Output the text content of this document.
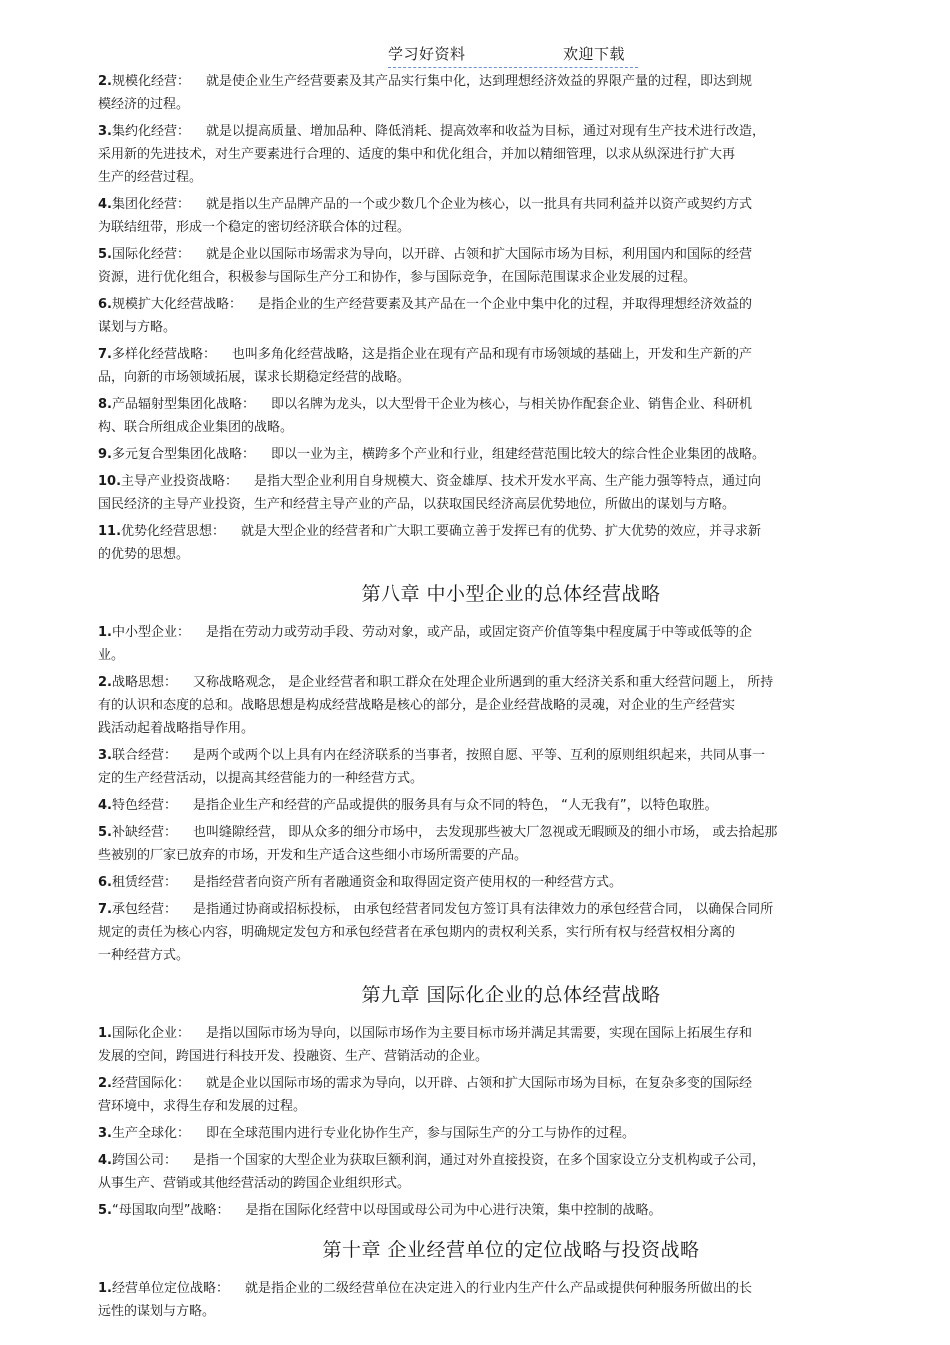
学习好资料	欢迎下载
2.规模化经营： 就是使企业生产经营要素及其产品实行集中化，达到理想经济效益的界限产量的过程，即达到规
模经济的过程。
3.集约化经营： 就是以提高质量、增加品种、降低消耗、提高效率和收益为目标，通过对现有生产技术进行改造，
采用新的先进技术，对生产要素进行合理的、适度的集中和优化组合，并加以精细管理，以求从纵深进行扩大再
生产的经营过程。
4.集团化经营： 就是指以生产品牌产品的一个或少数几个企业为核心，以一批具有共同利益并以资产或契约方式
为联结纽带，形成一个稳定的密切经济联合体的过程。
5.国际化经营： 就是企业以国际市场需求为导向，以开辟、占领和扩大国际市场为目标，利用国内和国际的经营
资源，进行优化组合，积极参与国际生产分工和协作，参与国际竞争，在国际范围谋求企业发展的过程。
6.规模扩大化经营战略： 是指企业的生产经营要素及其产品在一个企业中集中化的过程，并取得理想经济效益的
谋划与方略。
7.多样化经营战略： 也叫多角化经营战略，这是指企业在现有产品和现有市场领域的基础上，开发和生产新的产
品，向新的市场领域拓展，谋求长期稳定经营的战略。
8.产品辐射型集团化战略： 即以名牌为龙头，以大型骨干企业为核心，与相关协作配套企业、销售企业、科研机
构、联合所组成企业集团的战略。
9.多元复合型集团化战略： 即以一业为主，横跨多个产业和行业，组建经营范围比较大的综合性企业集团的战略。
10.主导产业投资战略： 是指大型企业利用自身规模大、资金雄厚、技术开发水平高、生产能力强等特点，通过向
国民经济的主导产业投资，生产和经营主导产业的产品，以获取国民经济高层优势地位，所做出的谋划与方略。
11.优势化经营思想： 就是大型企业的经营者和广大职工要确立善于发挥已有的优势、扩大优势的效应，并寻求新
的优势的思想。
第八章 中小型企业的总体经营战略
1.中小型企业： 是指在劳动力或劳动手段、劳动对象，或产品，或固定资产价值等集中程度属于中等或低等的企
业。
2.战略思想： 又称战略观念， 是企业经营者和职工群众在处理企业所遇到的重大经济关系和重大经营问题上， 所持
有的认识和态度的总和。战略思想是构成经营战略是核心的部分，是企业经营战略的灵魂，对企业的生产经营实
践活动起着战略指导作用。
3.联合经营： 是两个或两个以上具有内在经济联系的当事者，按照自愿、平等、互利的原则组织起来，共同从事一
定的生产经营活动，以提高其经营能力的一种经营方式。
4.特色经营： 是指企业生产和经营的产品或提供的服务具有与众不同的特色， “人无我有”，以特色取胜。
5.补缺经营： 也叫缝隙经营， 即从众多的细分市场中， 去发现那些被大厂忽视或无暇顾及的细小市场， 或去拾起那
些被别的厂家已放弃的市场，开发和生产适合这些细小市场所需要的产品。
6.租赁经营： 是指经营者向资产所有者融通资金和取得固定资产使用权的一种经营方式。
7.承包经营： 是指通过协商或招标投标， 由承包经营者同发包方签订具有法律效力的承包经营合同， 以确保合同所
规定的责任为核心内容，明确规定发包方和承包经营者在承包期内的责权利关系，实行所有权与经营权相分离的
一种经营方式。
第九章 国际化企业的总体经营战略
1.国际化企业： 是指以国际市场为导向，以国际市场作为主要目标市场并满足其需要，实现在国际上拓展生存和
发展的空间，跨国进行科技开发、投融资、生产、营销活动的企业。
2.经营国际化： 就是企业以国际市场的需求为导向，以开辟、占领和扩大国际市场为目标，在复杂多变的国际经
营环境中，求得生存和发展的过程。
3.生产全球化： 即在全球范围内进行专业化协作生产，参与国际生产的分工与协作的过程。
4.跨国公司： 是指一个国家的大型企业为获取巨额利润，通过对外直接投资，在多个国家设立分支机构或子公司，
从事生产、营销或其他经营活动的跨国企业组织形式。
5.“母国取向型”战略： 是指在国际化经营中以母国或母公司为中心进行决策，集中控制的战略。
第十章 企业经营单位的定位战略与投资战略
1.经营单位定位战略： 就是指企业的二级经营单位在决定进入的行业内生产什么产品或提供何种服务所做出的长
远性的谋划与方略。
